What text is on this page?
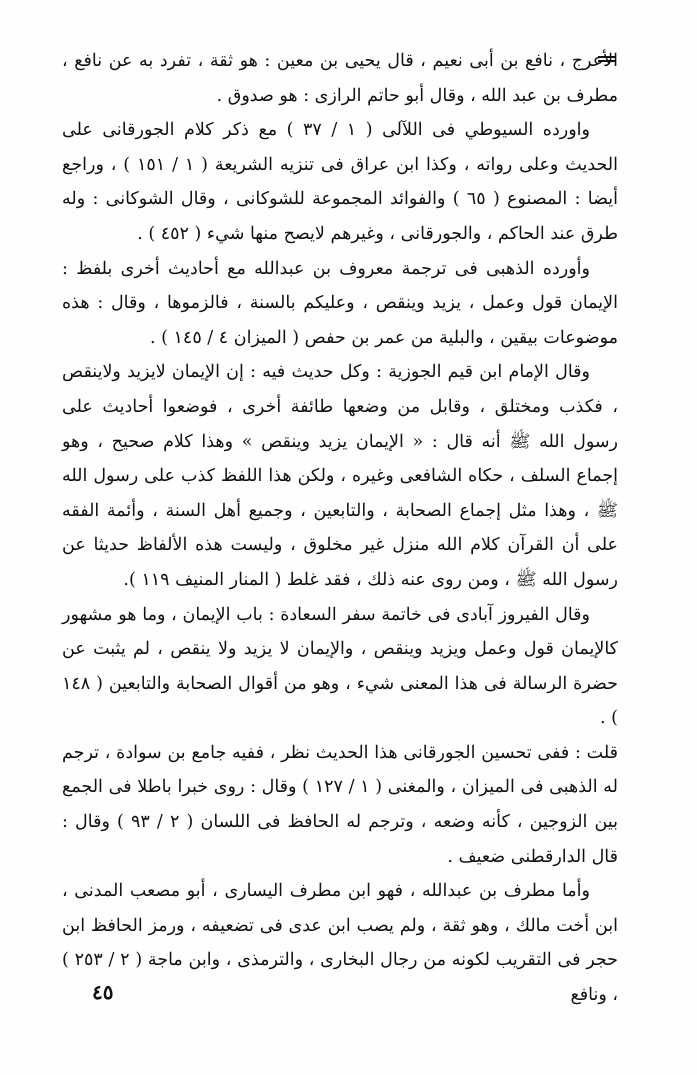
الأعرج ، نافع بن أبى نعيم ، قال يحيى بن معين : هو ثقة ، تفرد به عن نافع ، مطرف بن عبد الله ، وقال أبو حاتم الرازى : هو صدوق .

واورده السيوطي فى اللآلى ( ١ / ٣٧ ) مع ذكر كلام الجورقانى على الحديث وعلى رواته ، وكذا ابن عراق فى تنزيه الشريعة ( ١ / ١٥١ ) ، وراجع أيضا : المصنوع ( ٦٥ ) والفوائد المجموعة للشوكانى ، وقال الشوكانى : وله طرق عند الحاكم ، والجورقانى ، وغيرهم لايصح منها شيء ( ٤٥٢ ) .

وأورده الذهبى فى ترجمة معروف بن عبدالله مع أحاديث أخرى بلفظ : الإيمان قول وعمل ، يزيد وينقص ، وعليكم بالسنة ، فالزموها ، وقال : هذه موضوعات بيقين ، والبلية من عمر بن حفص ( الميزان ٤ / ١٤٥ ) .

وقال الإمام ابن قيم الجوزية : وكل حديث فيه : إن الإيمان لايزيد ولاينقص ، فكذب ومختلق ، وقابل من وضعها طائفة أخرى ، فوضعوا أحاديث على رسول الله ﷺ أنه قال : « الإيمان يزيد وينقص » وهذا كلام صحيح ، وهو إجماع السلف ، حكاه الشافعى وغيره ، ولكن هذا اللفظ كذب على رسول الله ﷺ ، وهذا مثل إجماع الصحابة ، والتابعين ، وجميع أهل السنة ، وأئمة الفقه على أن القرآن كلام الله منزل غير مخلوق ، وليست هذه الألفاظ حديثا عن رسول الله ﷺ ، ومن روى عنه ذلك ، فقد غلط ( المنار المنيف ١١٩ ).

وقال الفيروز آبادى فى خاتمة سفر السعادة : باب الإيمان ، وما هو مشهور كالإيمان قول وعمل ويزيد وينقص ، والإيمان لا يزيد ولا ينقص ، لم يثبت عن حضرة الرسالة فى هذا المعنى شيء ، وهو من أقوال الصحابة والتابعين ( ١٤٨ ) .

قلت : ففى تحسين الجورقانى هذا الحديث نظر ، ففيه جامع بن سوادة ، ترجم له الذهبى فى الميزان ، والمغنى ( ١ / ١٢٧ ) وقال : روى خبرا باطلا فى الجمع بين الزوجين ، كأنه وضعه ، وترجم له الحافظ فى اللسان ( ٢ / ٩٣ ) وقال : قال الدارقطنى ضعيف .

وأما مطرف بن عبدالله ، فهو ابن مطرف اليسارى ، أبو مصعب المدنى ، ابن أخت مالك ، وهو ثقة ، ولم يصب ابن عدى فى تضعيفه ، ورمز الحافظ ابن حجر فى التقريب لكونه من رجال البخارى ، والترمذى ، وابن ماجة ( ٢ / ٢٥٣ ) ، ونافع

٤٥
